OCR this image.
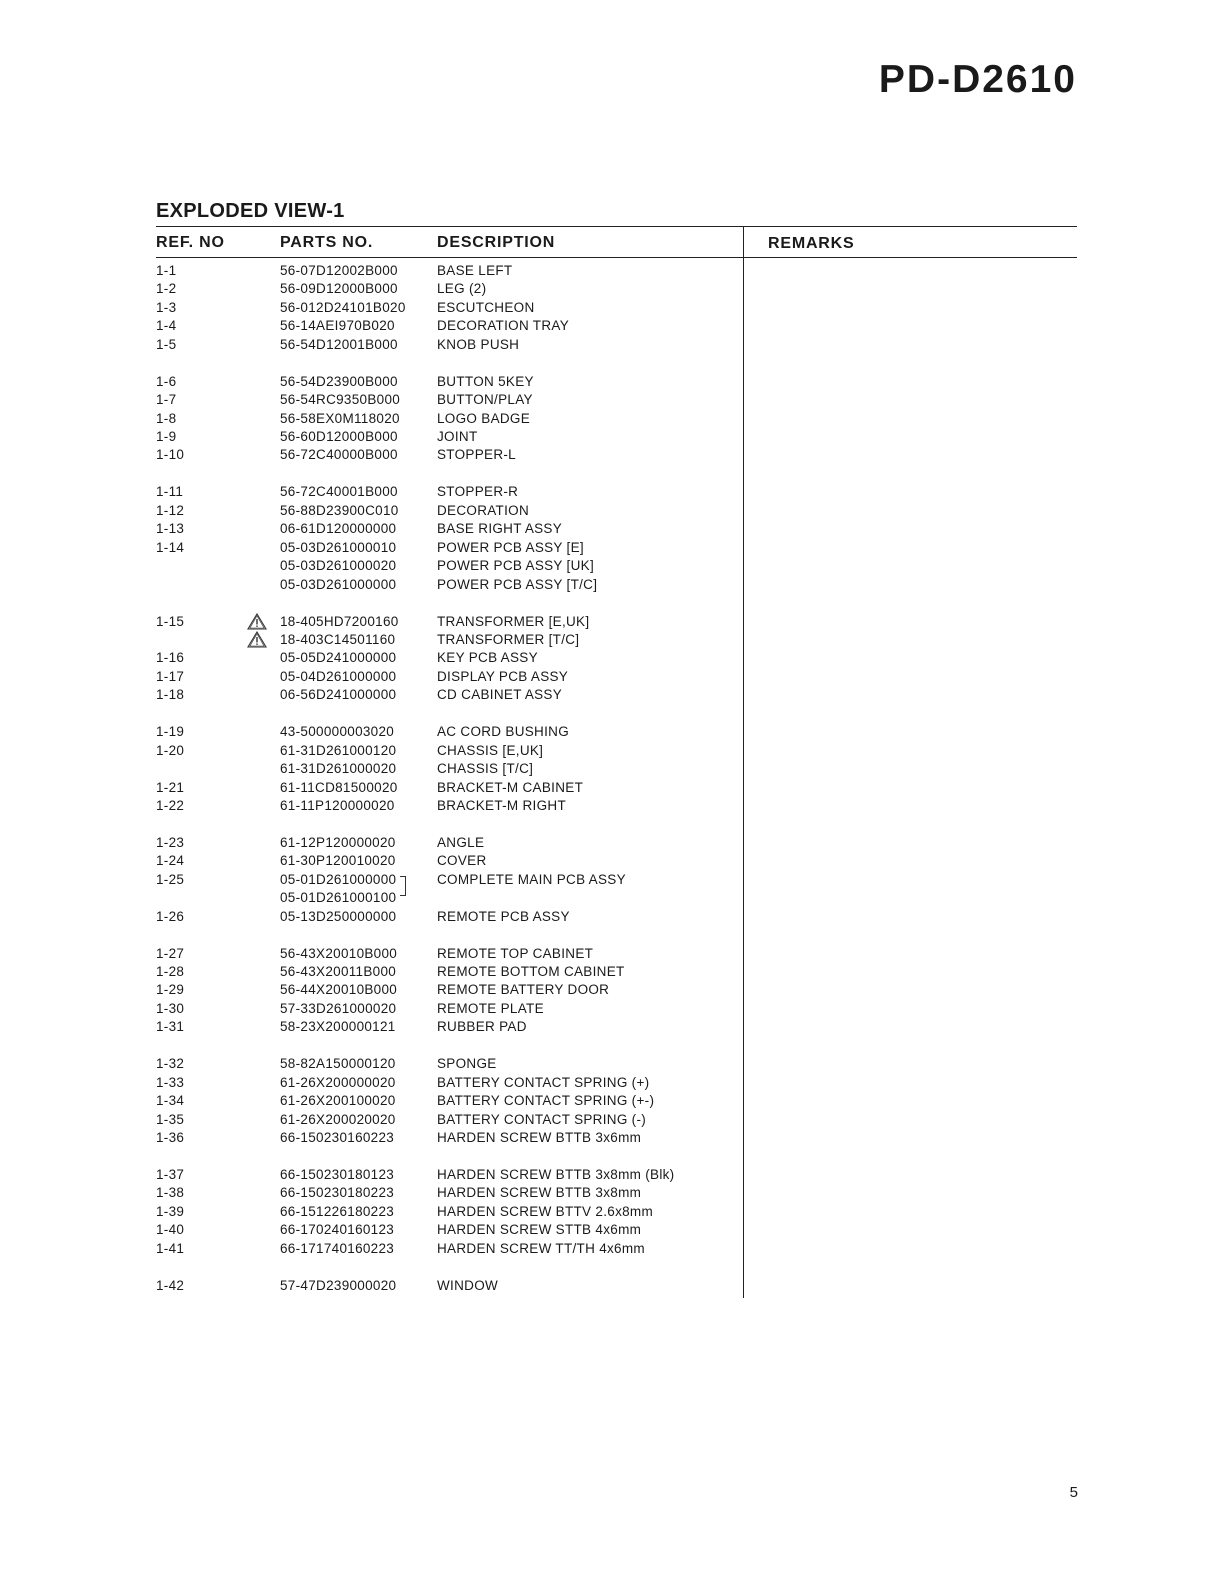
PD-D2610
EXPLODED VIEW-1
REF. NO	PARTS NO.	DESCRIPTION	REMARKS
1-1	56-07D12002B000	BASE LEFT
1-2	56-09D12000B000	LEG (2)
1-3	56-012D24101B020 ESCUTCHEON
1-4	56-14AEI970B020	DECORATION TRAY
1-5	56-54D12001B000	KNOB PUSH
1-6	56-54D23900B000	BUTTON 5KEY
1-7	56-54RC9350B000	BUTTON/PLAY
1-8	56-58EX0M118020	LOGO BADGE
1-9	56-60D12000B000	JOINT
1-10	56-72C40000B000	STOPPER-L
1-11	56-72C40001B000	STOPPER-R
1-12	56-88D23900C010	DECORATION
1-13	06-61D120000000	BASE RIGHT ASSY
1-14	05-03D261000010	POWER PCB ASSY [E]
05-03D261000020	POWER PCB ASSY [UK]
05-03D261000000	POWER PCB ASSY [T/C]
1-15	18-405HD7200160	TRANSFORMER [E,UK]
18-403C14501160	TRANSFORMER [T/C]
1-16	05-05D241000000	KEY PCB ASSY
1-17	05-04D261000000	DISPLAY PCB ASSY
1-18	06-56D241000000	CD CABINET ASSY
1-19	43-500000003020	AC CORD BUSHING
1-20	61-31D261000120	CHASSIS [E,UK]
61-31D261000020	CHASSIS [T/C]
1-21	61-11CD81500020	BRACKET-M CABINET
1-22	61-11P120000020	BRACKET-M RIGHT
1-23	61-12P120000020	ANGLE
1-24	61-30P120010020	COVER
1-25	05-01D261000000	COMPLETE MAIN PCB ASSY
05-01D261000100
1-26	05-13D250000000	REMOTE PCB ASSY
1-27	56-43X20010B000	REMOTE TOP CABINET
1-28	56-43X20011B000	REMOTE BOTTOM CABINET
1-29	56-44X20010B000	REMOTE BATTERY DOOR
1-30	57-33D261000020	REMOTE PLATE
1-31	58-23X200000121	RUBBER PAD
1-32	58-82A150000120	SPONGE
1-33	61-26X200000020	BATTERY CONTACT SPRING (+)
1-34	61-26X200100020	BATTERY CONTACT SPRING (+-)
1-35	61-26X200020020	BATTERY CONTACT SPRING (-)
1-36	66-150230160223	HARDEN SCREW BTTB 3x6mm
1-37	66-150230180123	HARDEN SCREW BTTB 3x8mm (Blk)
1-38	66-150230180223	HARDEN SCREW BTTB 3x8mm
1-39	66-151226180223	HARDEN SCREW BTTV 2.6x8mm
1-40	66-170240160123	HARDEN SCREW STTB 4x6mm
1-41	66-171740160223	HARDEN SCREW TT/TH 4x6mm
1-42	57-47D239000020	WINDOW
5
